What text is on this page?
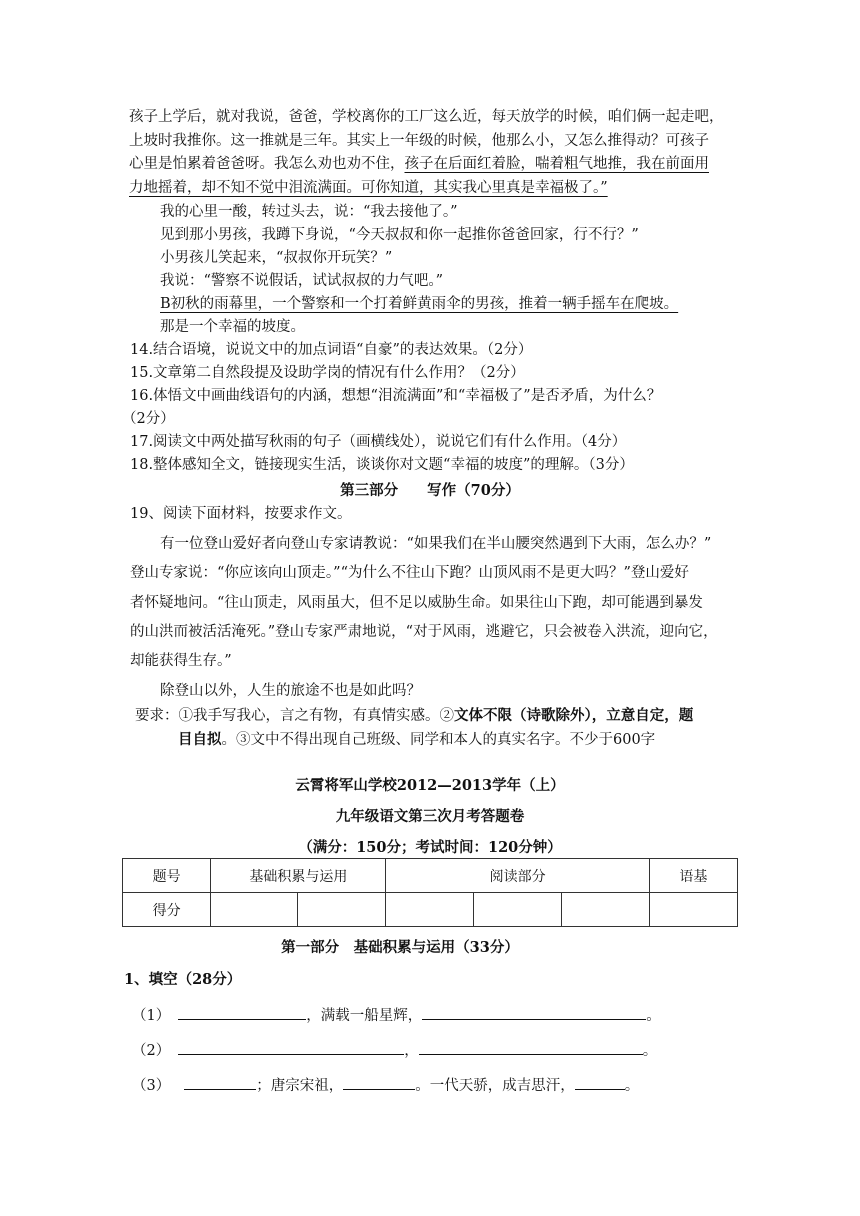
孩子上学后，就对我说，爸爸，学校离你的工厂这么近，每天放学的时候，咱们俩一起走吧，
上坡时我推你。这一推就是三年。其实上一年级的时候，他那么小，又怎么推得动？可孩子
心里是怕累着爸爸呀。我怎么劝也劝不住，孩子在后面红着脸，喘着粗气地推，我在前面用
力地摇着，却不知不觉中泪流满面。可你知道，其实我心里真是幸福极了。”
我的心里一酸，转过头去，说：“我去接他了。”
见到那小男孩，我蹲下身说，“今天叔叔和你一起推你爸爸回家，行不行？”
小男孩儿笑起来，“叔叔你开玩笑？”
我说：“警察不说假话，试试叔叔的力气吧。”
B初秋的雨幕里，一个警察和一个打着鲜黄雨伞的男孩，推着一辆手摇车在爬坡。
那是一个幸福的坡度。
14.结合语境，说说文中的加点词语“自豪”的表达效果。（2分）
15.文章第二自然段提及设助学岗的情况有什么作用？（2分）
16.体悟文中画曲线语句的内涵，想想“泪流满面”和“幸福极了”是否矛盾，为什么？
（2分）
17.阅读文中两处描写秋雨的句子（画横线处），说说它们有什么作用。（4分）
18.整体感知全文，链接现实生活，谈谈你对文题“幸福的坡度”的理解。（3分）
第三部分　　写作（70分）
19、阅读下面材料，按要求作文。
有一位登山爱好者向登山专家请教说：“如果我们在半山腰突然遇到下大雨，怎么办？”
登山专家说：“你应该向山顶走。”“为什么不往山下跑？山顶风雨不是更大吗？”登山爱好
者怀疑地问。“往山顶走，风雨虽大，但不足以威胁生命。如果往山下跑，却可能遇到暴发
的山洪而被活活淹死。”登山专家严肃地说，“对于风雨，逃避它，只会被卷入洪流，迎向它，
却能获得生存。”
除登山以外，人生的旅途不也是如此吗？
要求：①我手写我心，言之有物，有真情实感。②文体不限（诗歌除外），立意自定，题
目自拟。③文中不得出现自己班级、同学和本人的真实名字。不少于600字
云霄将军山学校2012—2013学年（上）
九年级语文第三次月考答题卷
（满分：150分；考试时间：120分钟）
题号	基础积累与运用		阅读部分			语基
得分						
第一部分　基础积累与运用（33分）
1、填空（28分）
（1）	，满载一船星辉，	。
（2）	，	。
（3）	；唐宗宋祖，	。一代天骄，成吉思汗，	。
